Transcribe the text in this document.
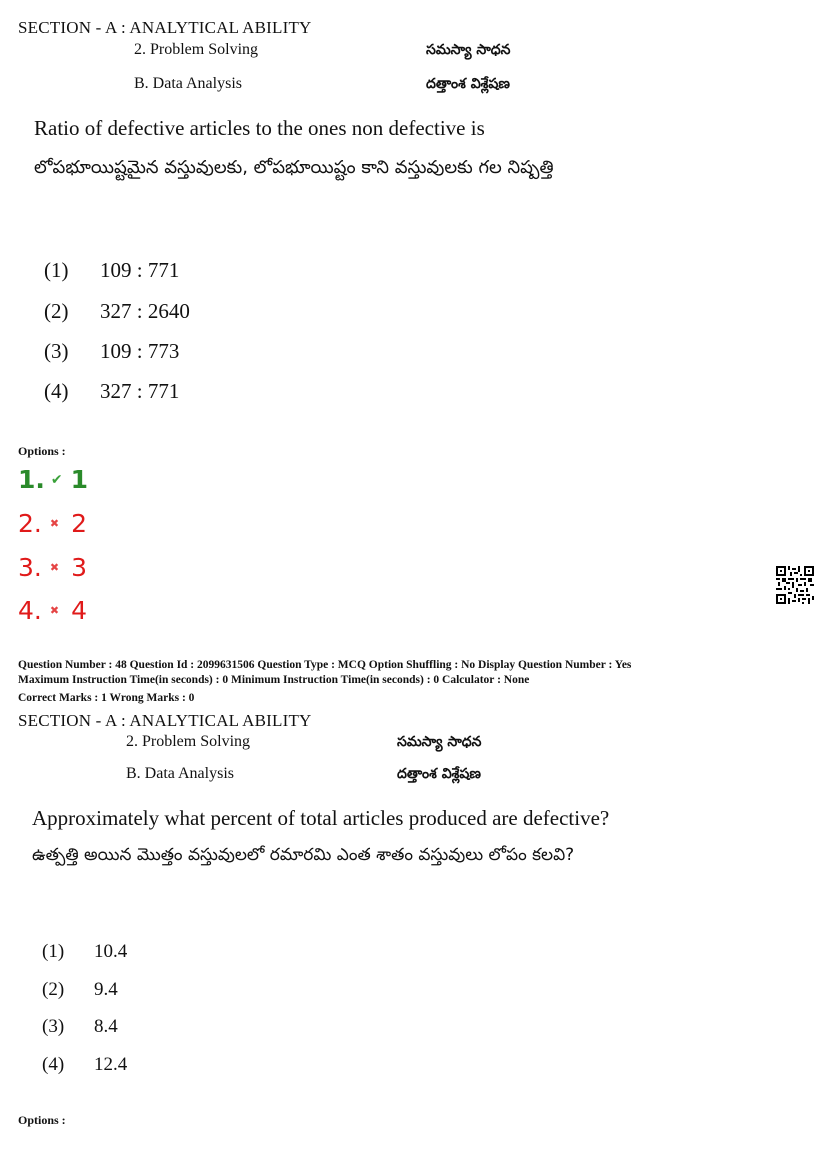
SECTION - A : ANALYTICAL ABILITY
2. Problem Solving	సమస్యా సాధన
B. Data Analysis	దత్తాంశ విశ్లేషణ
Ratio of defective articles to the ones non defective is
లోపభూయిష్టమైన వస్తువులకు, లోపభూయిష్టం కాని వస్తువులకు గల నిష్పత్తి
(1) 109 : 771
(2) 327 : 2640
(3) 109 : 773
(4) 327 : 771
Options :
1. ✔ 1
2. ✖ 2
3. ✖ 3
4. ✖ 4
Question Number : 48 Question Id : 2099631506 Question Type : MCQ Option Shuffling : No Display Question Number : Yes
Maximum Instruction Time(in seconds) : 0 Minimum Instruction Time(in seconds) : 0 Calculator : None
Correct Marks : 1 Wrong Marks : 0
SECTION - A : ANALYTICAL ABILITY
2. Problem Solving	సమస్యా సాధన
B. Data Analysis	దత్తాంశ విశ్లేషణ
Approximately what percent of total articles produced are defective?
ఉత్పత్తి అయిన మొత్తం వస్తువులలో రమారమి ఎంత శాతం వస్తువులు లోపం కలవి?
(1) 10.4
(2) 9.4
(3) 8.4
(4) 12.4
Options :
